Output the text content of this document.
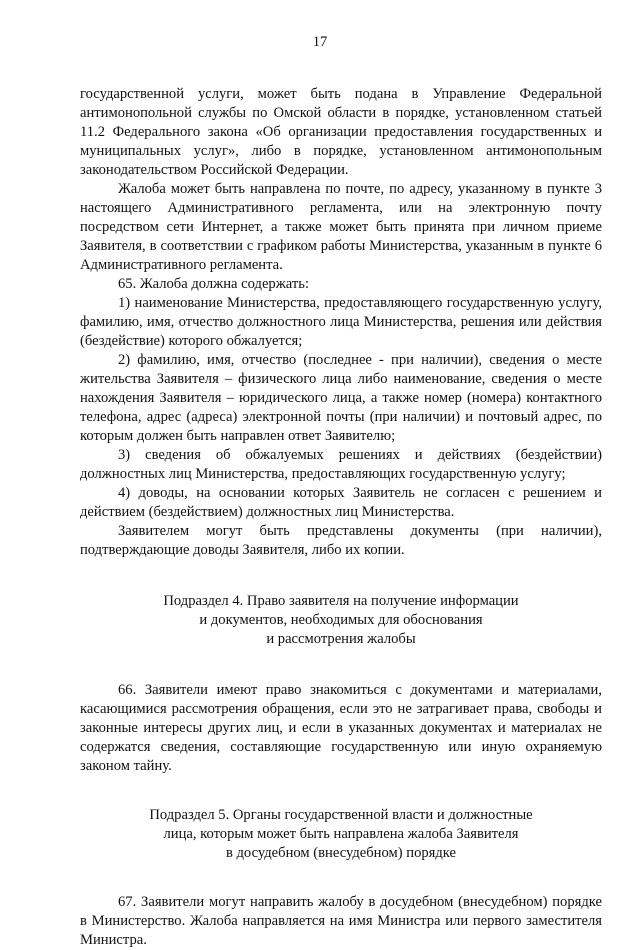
17

государственной услуги, может быть подана в Управление Федеральной антимонопольной службы по Омской области в порядке, установленном статьей 11.2 Федерального закона «Об организации предоставления государственных и муниципальных услуг», либо в порядке, установленном антимонопольным законодательством Российской Федерации.

Жалоба может быть направлена по почте, по адресу, указанному в пункте 3 настоящего Административного регламента, или на электронную почту посредством сети Интернет, а также может быть принята при личном приеме Заявителя, в соответствии с графиком работы Министерства, указанным в пункте 6 Административного регламента.

65. Жалоба должна содержать:

1) наименование Министерства, предоставляющего государственную услугу, фамилию, имя, отчество должностного лица Министерства, решения или действия (бездействие) которого обжалуется;

2) фамилию, имя, отчество (последнее - при наличии), сведения о месте жительства Заявителя – физического лица либо наименование, сведения о месте нахождения Заявителя – юридического лица, а также номер (номера) контактного телефона, адрес (адреса) электронной почты (при наличии) и почтовый адрес, по которым должен быть направлен ответ Заявителю;

3) сведения об обжалуемых решениях и действиях (бездействии) должностных лиц Министерства, предоставляющих государственную услугу;

4) доводы, на основании которых Заявитель не согласен с решением и действием (бездействием) должностных лиц Министерства.

Заявителем могут быть представлены документы (при наличии), подтверждающие доводы Заявителя, либо их копии.

Подраздел 4. Право заявителя на получение информации
и документов, необходимых для обоснования
и рассмотрения жалобы

66. Заявители имеют право знакомиться с документами и материалами, касающимися рассмотрения обращения, если это не затрагивает права, свободы и законные интересы других лиц, и если в указанных документах и материалах не содержатся сведения, составляющие государственную или иную охраняемую законом тайну.

Подраздел 5. Органы государственной власти и должностные
лица, которым может быть направлена жалоба Заявителя
в досудебном (внесудебном) порядке

67. Заявители могут направить жалобу в досудебном (внесудебном) порядке в Министерство. Жалоба направляется на имя Министра или первого заместителя Министра.
